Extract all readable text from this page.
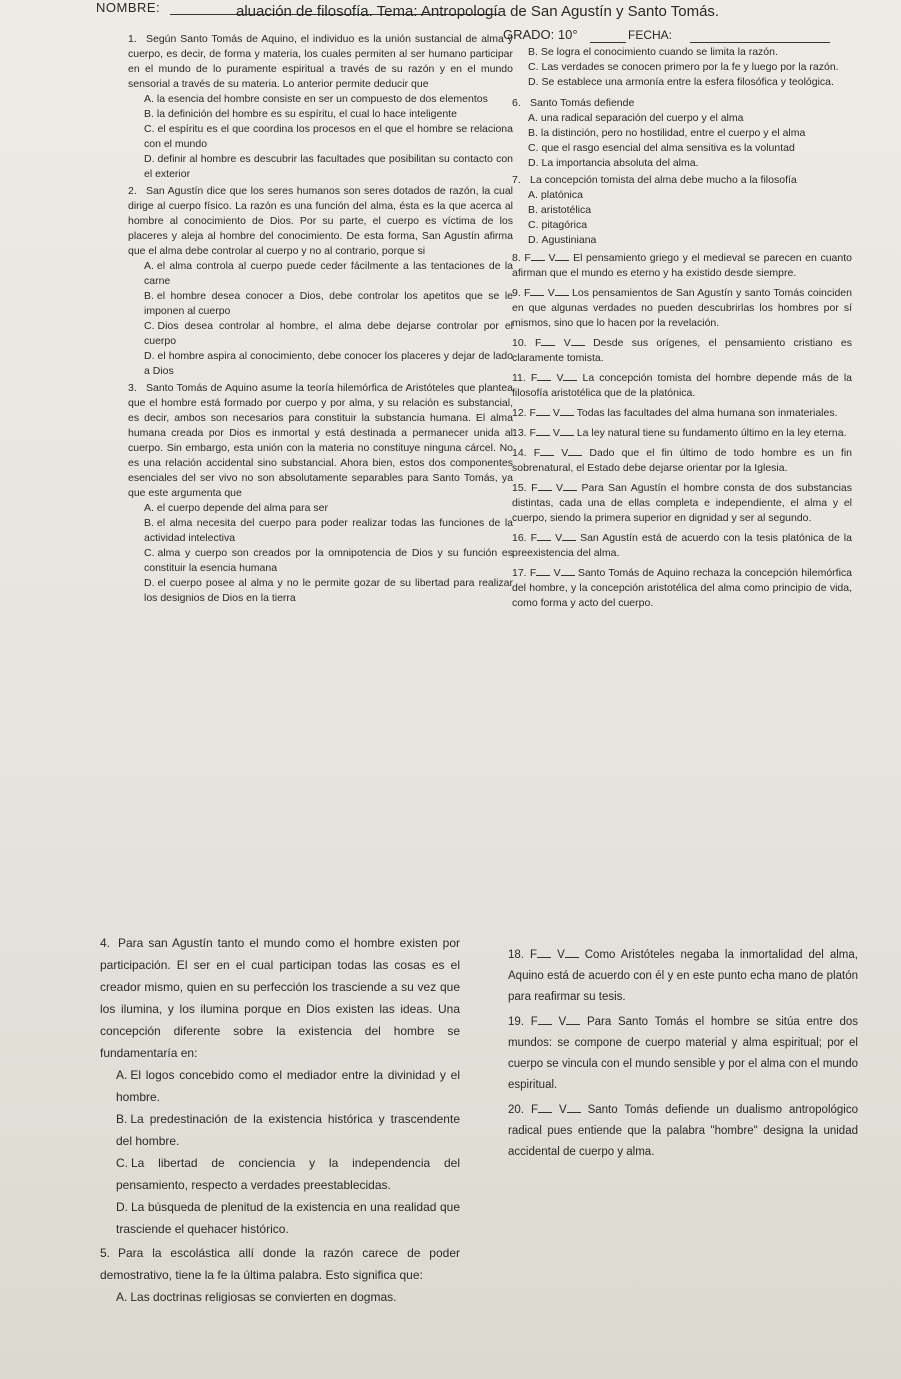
NOMBRE:	aluación de filosofía. Tema: Antropología de San Agustín y Santo Tomás.
GRADO: 10°	FECHA:
1. Según Santo Tomás de Aquino, el individuo es la unión sustancial de alma y cuerpo, es decir, de forma y materia, los cuales permiten al ser humano participar en el mundo de lo puramente espiritual a través de su razón y en el mundo sensorial a través de su materia. Lo anterior permite deducir que
A. la esencia del hombre consiste en ser un compuesto de dos elementos
B. la definición del hombre es su espíritu, el cual lo hace inteligente
C. el espíritu es el que coordina los procesos en el que el hombre se relaciona con el mundo
D. definir al hombre es descubrir las facultades que posibilitan su contacto con el exterior
2. San Agustín dice que los seres humanos son seres dotados de razón, la cual dirige al cuerpo físico. La razón es una función del alma, ésta es la que acerca al hombre al conocimiento de Dios. Por su parte, el cuerpo es víctima de los placeres y aleja al hombre del conocimiento. De esta forma, San Agustín afirma que el alma debe controlar al cuerpo y no al contrario, porque si
A. el alma controla al cuerpo puede ceder fácilmente a las tentaciones de la carne
B. el hombre desea conocer a Dios, debe controlar los apetitos que se le imponen al cuerpo
C. Dios desea controlar al hombre, el alma debe dejarse controlar por el cuerpo
D. el hombre aspira al conocimiento, debe conocer los placeres y dejar de lado a Dios
3. Santo Tomás de Aquino asume la teoría hilemórfica de Aristóteles que plantea que el hombre está formado por cuerpo y por alma, y su relación es substancial, es decir, ambos son necesarios para constituir la substancia humana. El alma humana creada por Dios es inmortal y está destinada a permanecer unida al cuerpo. Sin embargo, esta unión con la materia no constituye ninguna cárcel. No es una relación accidental sino substancial. Ahora bien, estos dos componentes esenciales del ser vivo no son absolutamente separables para Santo Tomás, ya que este argumenta que
A. el cuerpo depende del alma para ser
B. el alma necesita del cuerpo para poder realizar todas las funciones de la actividad intelectiva
C. alma y cuerpo son creados por la omnipotencia de Dios y su función es constituir la esencia humana
D. el cuerpo posee al alma y no le permite gozar de su libertad para realizar los designios de Dios en la tierra
B. Se logra el conocimiento cuando se limita la razón.
C. Las verdades se conocen primero por la fe y luego por la razón.
D. Se establece una armonía entre la esfera filosófica y teológica.
6. Santo Tomás defiende
A. una radical separación del cuerpo y el alma
B. la distinción, pero no hostilidad, entre el cuerpo y el alma
C. que el rasgo esencial del alma sensitiva es la voluntad
D. La importancia absoluta del alma.
7. La concepción tomista del alma debe mucho a la filosofía
A. platónica
B. aristotélica
C. pitagórica
D. Agustiniana
8. F V El pensamiento griego y el medieval se parecen en cuanto afirman que el mundo es eterno y ha existido desde siempre.
9. F V Los pensamientos de San Agustín y santo Tomás coinciden en que algunas verdades no pueden descubrirlas los hombres por sí mismos, sino que lo hacen por la revelación.
10. F V Desde sus orígenes, el pensamiento cristiano es claramente tomista.
11. F V La concepción tomista del hombre depende más de la filosofía aristotélica que de la platónica.
12. F V Todas las facultades del alma humana son inmateriales.
13. F V La ley natural tiene su fundamento último en la ley eterna.
14. F V Dado que el fin último de todo hombre es un fin sobrenatural, el Estado debe dejarse orientar por la Iglesia.
15. F V Para San Agustín el hombre consta de dos substancias distintas, cada una de ellas completa e independiente, el alma y el cuerpo, siendo la primera superior en dignidad y ser al segundo.
16. F V San Agustín está de acuerdo con la tesis platónica de la preexistencia del alma.
17. F V Santo Tomás de Aquino rechaza la concepción hilemórfica del hombre, y la concepción aristotélica del alma como principio de vida, como forma y acto del cuerpo.
4. Para san Agustín tanto el mundo como el hombre existen por participación. El ser en el cual participan todas las cosas es el creador mismo, quien en su perfección los trasciende a su vez que los ilumina, y los ilumina porque en Dios existen las ideas. Una concepción diferente sobre la existencia del hombre se fundamentaría en:
A. El logos concebido como el mediador entre la divinidad y el hombre.
B. La predestinación de la existencia histórica y trascendente del hombre.
C. La libertad de conciencia y la independencia del pensamiento, respecto a verdades preestablecidas.
D. La búsqueda de plenitud de la existencia en una realidad que trasciende el quehacer histórico.
5. Para la escolástica allí donde la razón carece de poder demostrativo, tiene la fe la última palabra. Esto significa que:
A. Las doctrinas religiosas se convierten en dogmas.
18. F V Como Aristóteles negaba la inmortalidad del alma, Aquino está de acuerdo con él y en este punto echa mano de platón para reafirmar su tesis.
19. F V Para Santo Tomás el hombre se sitúa entre dos mundos: se compone de cuerpo material y alma espiritual; por el cuerpo se vincula con el mundo sensible y por el alma con el mundo espiritual.
20. F V Santo Tomás defiende un dualismo antropológico radical pues entiende que la palabra "hombre" designa la unidad accidental de cuerpo y alma.
